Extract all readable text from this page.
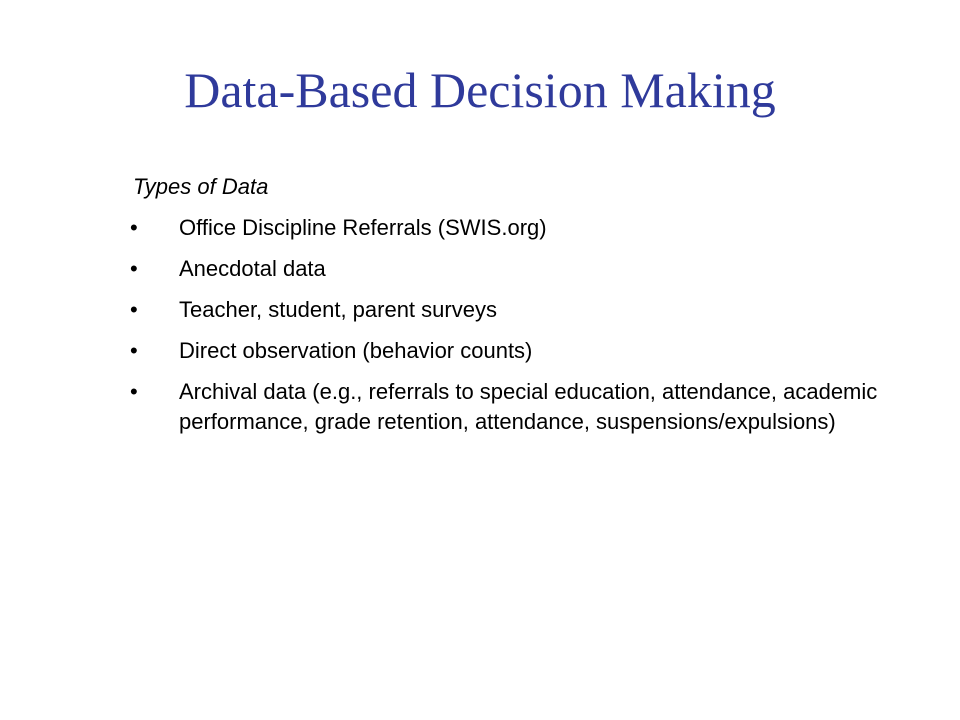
Data-Based Decision Making
Types of Data
• Office Discipline Referrals (SWIS.org)
• Anecdotal data
• Teacher, student, parent surveys
• Direct observation (behavior counts)
• Archival data (e.g., referrals to special education, attendance, academic performance, grade retention, attendance, suspensions/expulsions)
